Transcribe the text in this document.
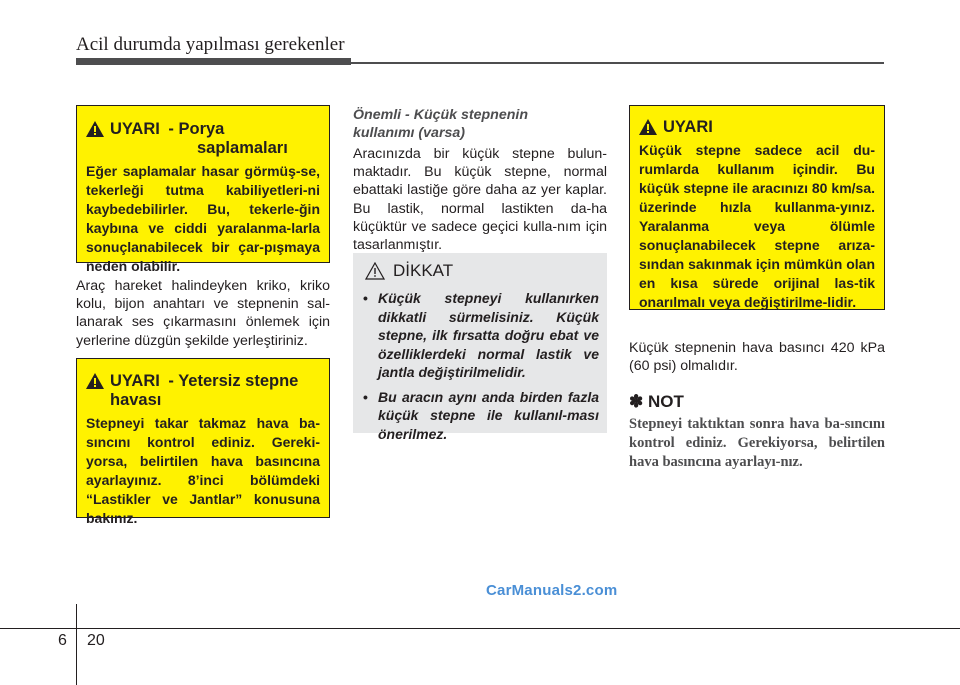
Acil durumda yapılması gerekenler
UYARI - Porya
saplamaları
Eğer saplamalar hasar görmüş-se, tekerleği tutma kabiliyetleri-ni kaybedebilirler. Bu, tekerle-ğin kaybına ve ciddi yaralanma-larla sonuçlanabilecek bir çar-pışmaya neden olabilir.
Araç hareket halindeyken kriko, kriko kolu, bijon anahtarı ve stepnenin sal-lanarak ses çıkarmasını önlemek için yerlerine düzgün şekilde yerleştiriniz.
UYARI - Yetersiz stepne
havası
Stepneyi takar takmaz hava ba-sıncını kontrol ediniz. Gereki-yorsa, belirtilen hava basıncına ayarlayınız. 8’inci bölümdeki “Lastikler ve Jantlar” konusuna bakınız.
Önemli - Küçük stepnenin
kullanımı (varsa)
Aracınızda bir küçük stepne bulun-maktadır. Bu küçük stepne, normal ebattaki lastiğe göre daha az yer kaplar. Bu lastik, normal lastikten da-ha küçüktür ve sadece geçici kulla-nım için tasarlanmıştır.
DİKKAT
• Küçük stepneyi kullanırken dikkatli sürmelisiniz. Küçük stepne, ilk fırsatta doğru ebat ve özelliklerdeki normal lastik ve jantla değiştirilmelidir.
• Bu aracın aynı anda birden fazla küçük stepne ile kullanıl-ması önerilmez.
UYARI
Küçük stepne sadece acil du-rumlarda kullanım içindir. Bu küçük stepne ile aracınızı 80 km/sa. üzerinde hızla kullanma-yınız. Yaralanma veya ölümle sonuçlanabilecek stepne arıza-sından sakınmak için mümkün olan en kısa sürede orijinal las-tik onarılmalı veya değiştirilme-lidir.
Küçük stepnenin hava basıncı 420 kPa (60 psi) olmalıdır.
✽ NOT
Stepneyi taktıktan sonra hava ba-sıncını kontrol ediniz. Gerekiyorsa, belirtilen hava basıncına ayarlayı-nız.
CarManuals2.com
6 20
